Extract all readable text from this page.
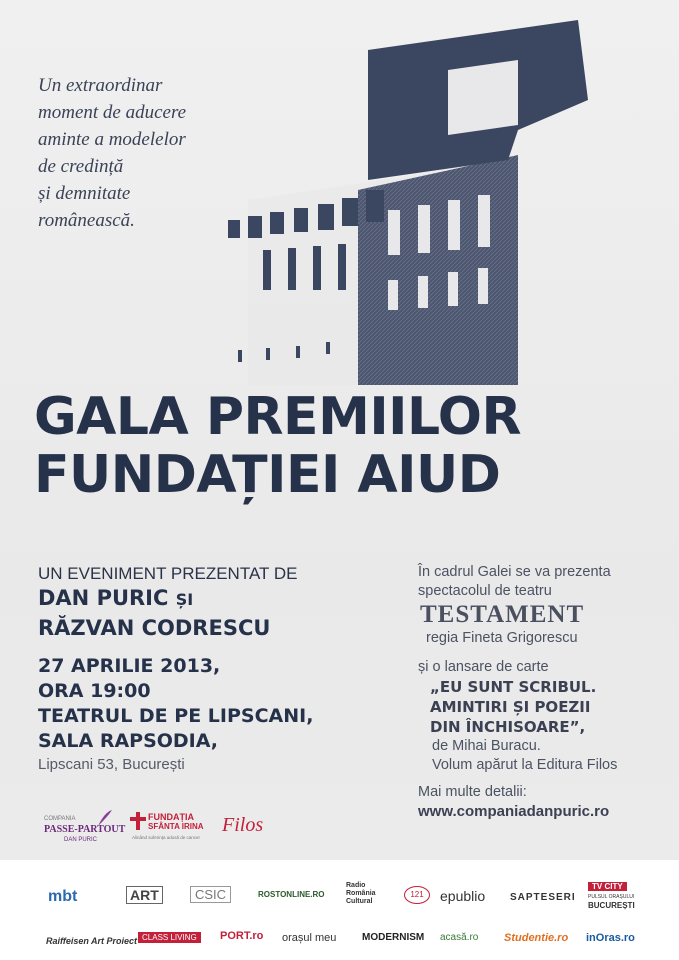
Un extraordinar
moment de aducere
aminte a modelelor
de credință
și demnitate
românească.
GALA PREMIILOR
FUNDAȚIEI AIUD
UN EVENIMENT PREZENTAT DE
DAN PURIC ȘI
RĂZVAN CODRESCU
27 APRILIE 2013,
ORA 19:00
TEATRUL DE PE LIPSCANI,
SALA RAPSODIA,
Lipscani 53, București
În cadrul Galei se va prezenta
spectacolul de teatru
TESTAMENT
regia Fineta Grigorescu
și o lansare de carte
„EU SUNT SCRIBUL.
AMINTIRI ȘI POEZII
DIN ÎNCHISOARE”,
de Mihai Buracu.
Volum apărut la Editura Filos
Mai multe detalii:
www.companiadanpuric.ro
COMPANIA
PASSE-PARTOUT
DAN PURIC
FUNDAȚIA
SFÂNTA IRINA
Alinând suferința adusă de cancer
Filos
mbt	ART	CSIC	ROSTONLINE.RO
Radio
România
Cultural
121	epublio SAPTESERI
TV CITY
PULSUL ORAȘULUI
BUCUREȘTI
Raiffeisen Art Proiect CLASS LIVING	PORT.ro orașul meu	MODERNISM acasă.ro Studentie.ro inOras.ro
